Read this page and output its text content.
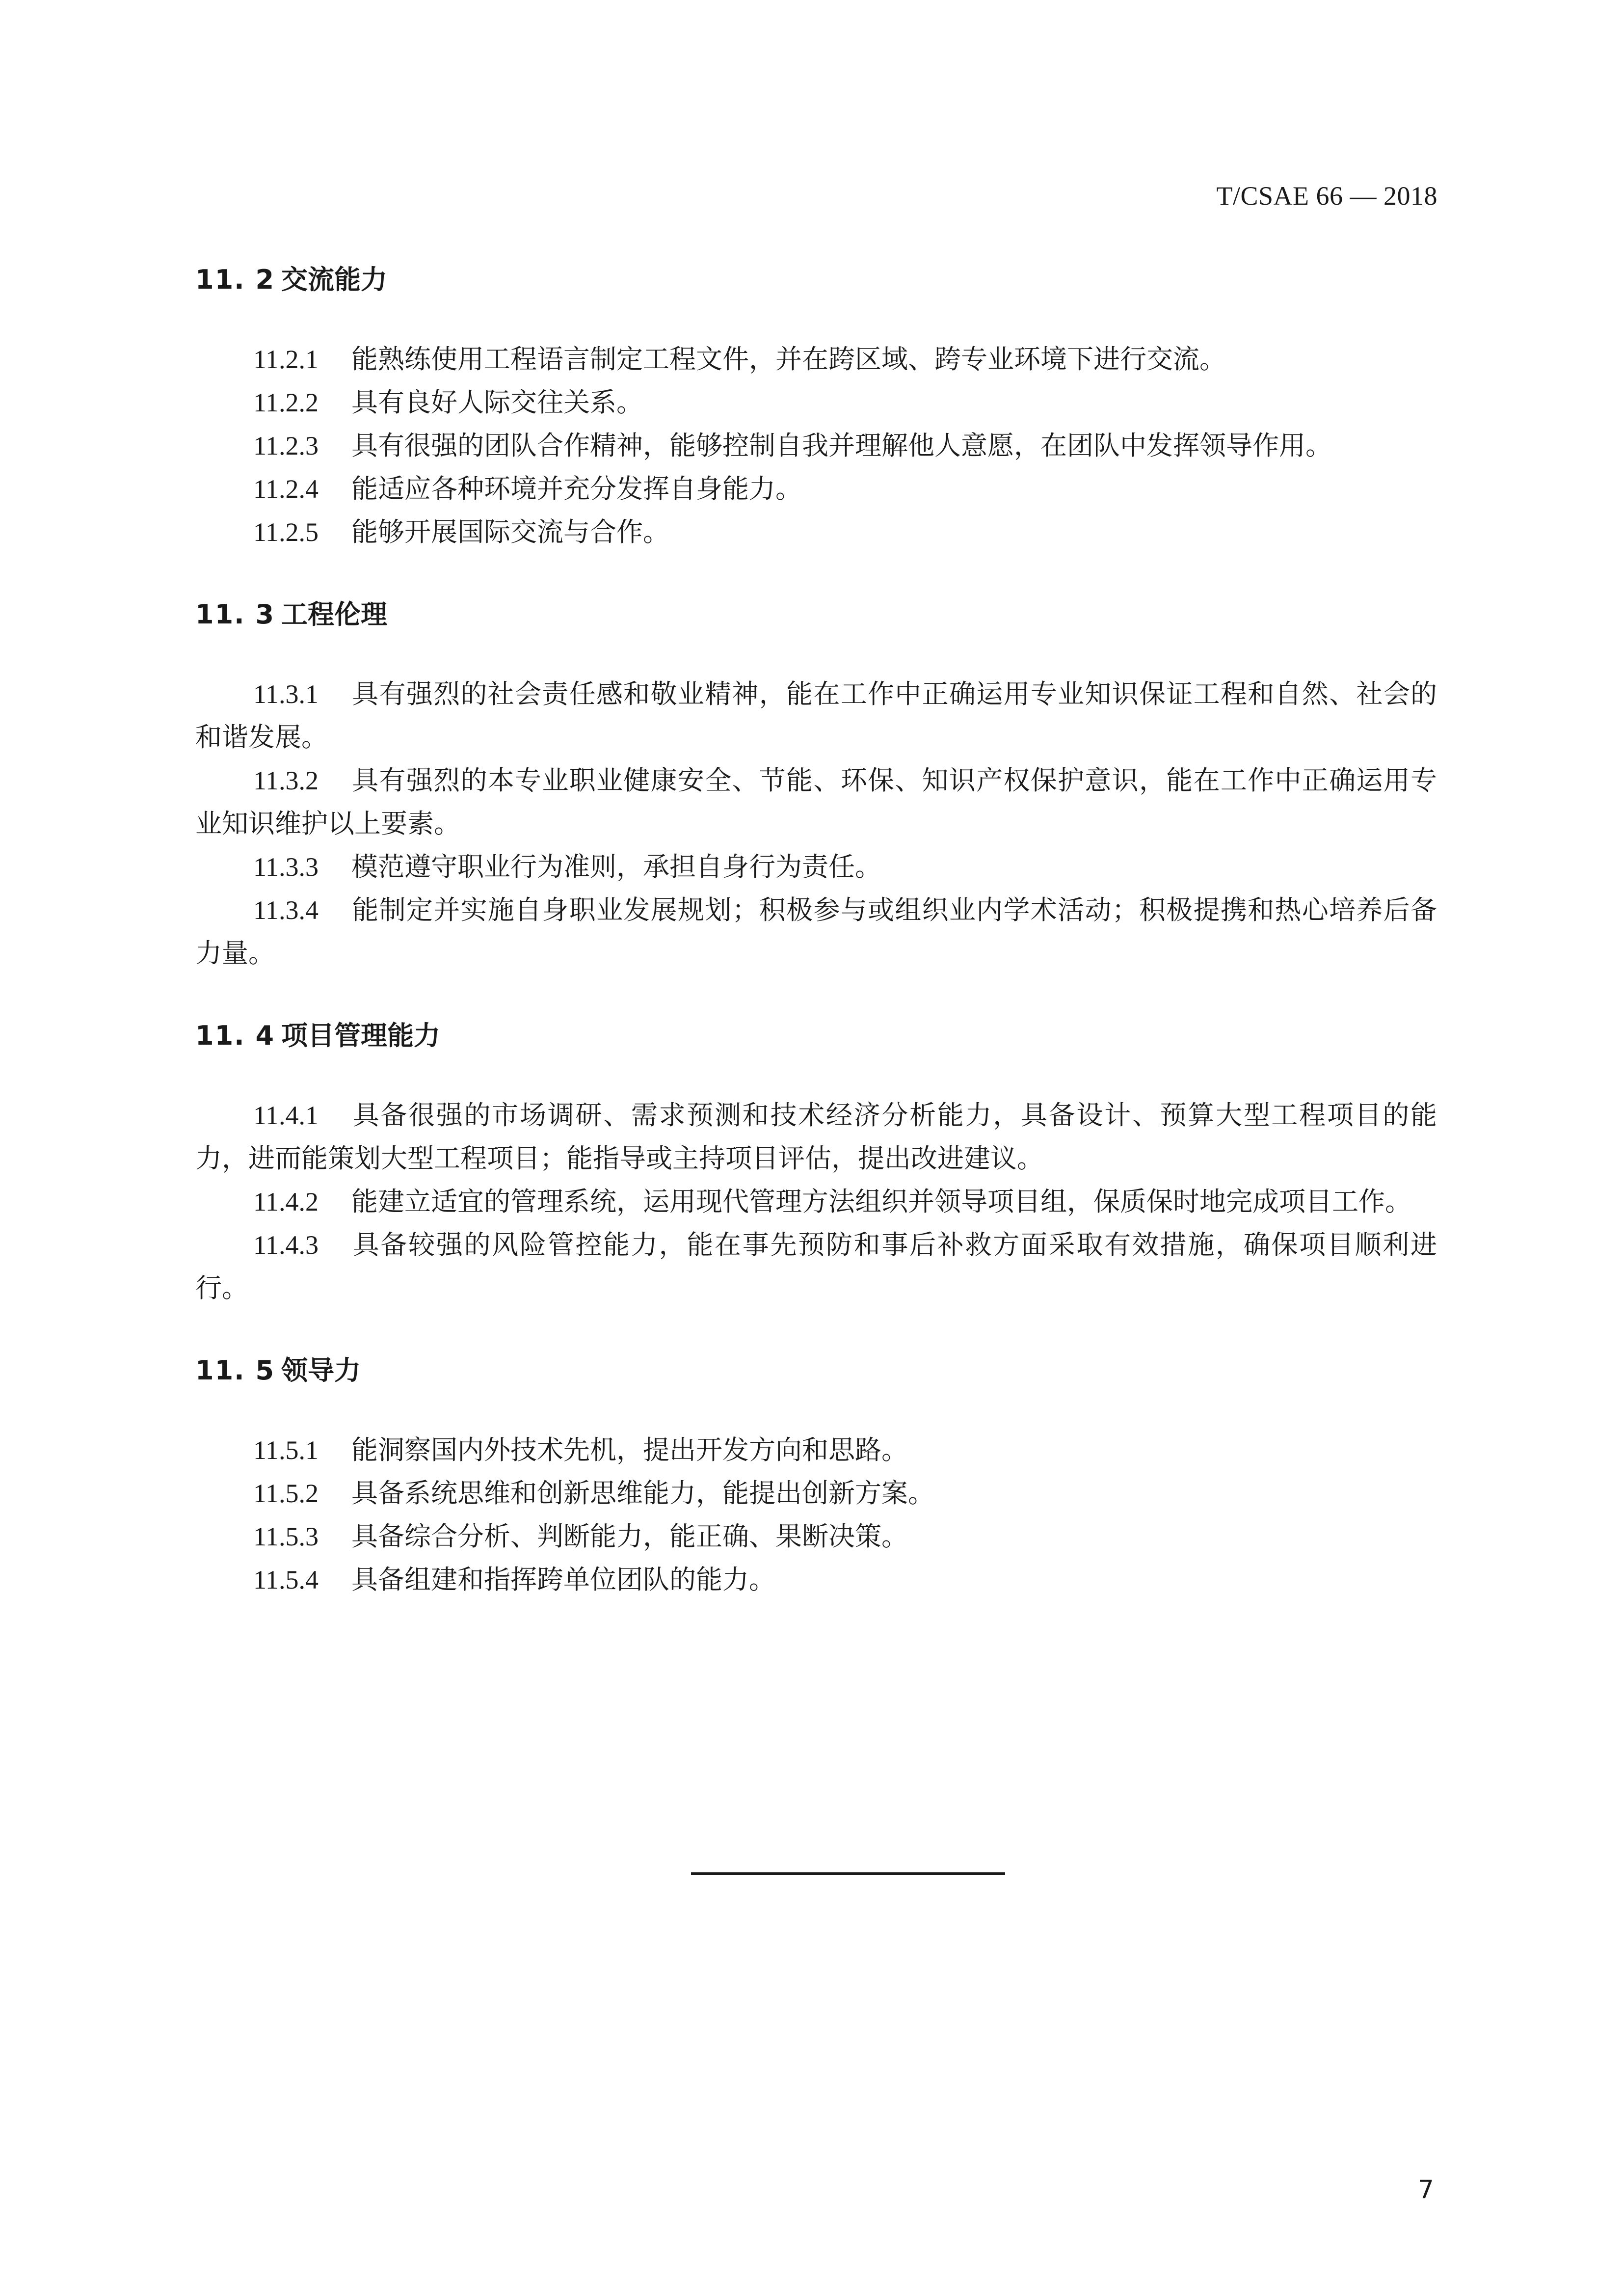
T/CSAE 66 — 2018
11. 2 交流能力

11.2.1 能熟练使用工程语言制定工程文件，并在跨区域、跨专业环境下进行交流。

11.2.2 具有良好人际交往关系。

11.2.3 具有很强的团队合作精神，能够控制自我并理解他人意愿，在团队中发挥领导作用。

11.2.4 能适应各种环境并充分发挥自身能力。

11.2.5 能够开展国际交流与合作。

11. 3 工程伦理

11.3.1 具有强烈的社会责任感和敬业精神，能在工作中正确运用专业知识保证工程和自然、社会的和谐发展。

11.3.2 具有强烈的本专业职业健康安全、节能、环保、知识产权保护意识，能在工作中正确运用专业知识维护以上要素。

11.3.3 模范遵守职业行为准则，承担自身行为责任。

11.3.4 能制定并实施自身职业发展规划；积极参与或组织业内学术活动；积极提携和热心培养后备力量。

11. 4 项目管理能力

11.4.1 具备很强的市场调研、需求预测和技术经济分析能力，具备设计、预算大型工程项目的能力，进而能策划大型工程项目；能指导或主持项目评估，提出改进建议。

11.4.2 能建立适宜的管理系统，运用现代管理方法组织并领导项目组，保质保时地完成项目工作。

11.4.3 具备较强的风险管控能力，能在事先预防和事后补救方面采取有效措施，确保项目顺利进行。

11. 5 领导力

11.5.1 能洞察国内外技术先机，提出开发方向和思路。

11.5.2 具备系统思维和创新思维能力，能提出创新方案。

11.5.3 具备综合分析、判断能力，能正确、果断决策。

11.5.4 具备组建和指挥跨单位团队的能力。

7
